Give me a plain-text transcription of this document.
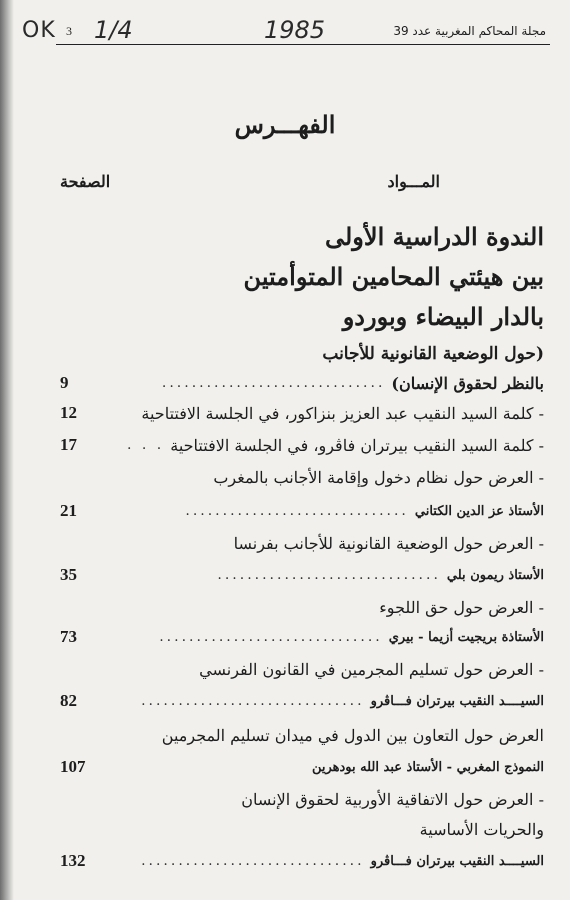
OK 3 1/4	1985	مجلة المحاكم المغربية عدد 39
الفهـــرس
المـــواد
الصفحة
الندوة الدراسية الأولى
بين هيئتي المحامين المتوأمتين
بالدار البيضاء وبوردو
(حول الوضعية القانونية للأجانب
بالنظر لحقوق الإنسان)
..............................
9
- كلمة السيد النقيب عبد العزيز بنزاكور، في الجلسة الافتتاحية
12
- كلمة السيد النقيب بيرتران فاڤرو، في الجلسة الافتتاحية
. . .
17
- العرض حول نظام دخول وإقامة الأجانب بالمغرب
الأستاذ عز الدين الكتاني
..............................
21
- العرض حول الوضعية القانونية للأجانب بفرنسا
الأستاذ ريمون بلي
..............................
35
- العرض حول حق اللجوء
الأستاذة بريجيت أزيما - بيري
..............................
73
- العرض حول تسليم المجرمين في القانون الفرنسي
السيــــد النقيب بيرتران فـــاڤرو
..............................
82
العرض حول التعاون بين الدول في ميدان تسليم المجرمين
النموذج المغربي - الأستاذ عبد الله بودهرين
107
- العرض حول الاتفاقية الأوربية لحقوق الإنسان
والحريات الأساسية
السيــــد النقيب بيرتران فـــاڤرو
..............................
132
